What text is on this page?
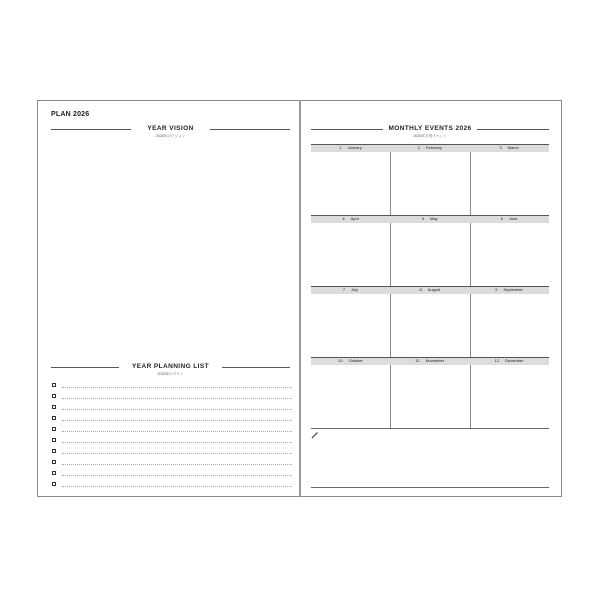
PLAN 2026
YEAR VISION
2026年のビジョン
YEAR PLANNING LIST
2026年のプラン
MONTHLY EVENTS 2026
2026年月別イベント
1 January	2 February	3 March
4 April	5 May	6 June
7 July	8 August	9 September
10 October	11 November	12 December
